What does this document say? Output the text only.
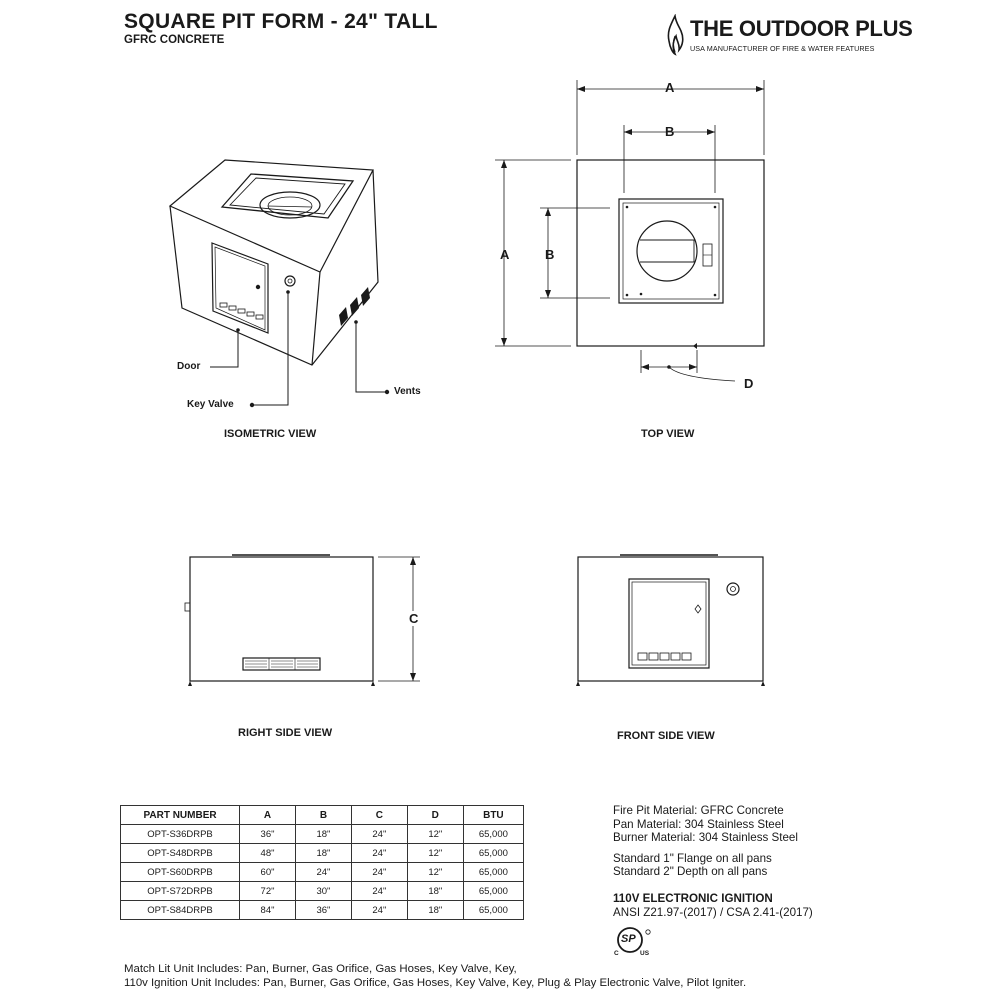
SQUARE PIT FORM - 24" TALL
GFRC CONCRETE	THE OUTDOOR PLUS
USA MANUFACTURER OF FIRE & WATER FEATURES
A
B
A	B
D
C
Door
Key Valve
Vents
ISOMETRIC VIEW	TOP VIEW
RIGHT SIDE VIEW	FRONT SIDE VIEW
PART NUMBER	A	B	C	D	BTU
OPT-S36DRPB	36"	18"	24"	12"	65,000
OPT-S48DRPB	48"	18"	24"	12"	65,000
OPT-S60DRPB	60"	24"	24"	12"	65,000
OPT-S72DRPB	72"	30"	24"	18"	65,000
OPT-S84DRPB	84"	36"	24"	18"	65,000
Fire Pit Material: GFRC Concrete
Pan Material: 304 Stainless Steel
Burner Material: 304 Stainless Steel
Standard 1" Flange on all pans
Standard 2" Depth on all pans
110V ELECTRONIC IGNITION
ANSI Z21.97-(2017) / CSA 2.41-(2017)
SP
C	US
Match Lit Unit Includes: Pan, Burner, Gas Orifice, Gas Hoses, Key Valve, Key,
110v Ignition Unit Includes: Pan, Burner, Gas Orifice, Gas Hoses, Key Valve, Key, Plug & Play Electronic Valve, Pilot Igniter.
